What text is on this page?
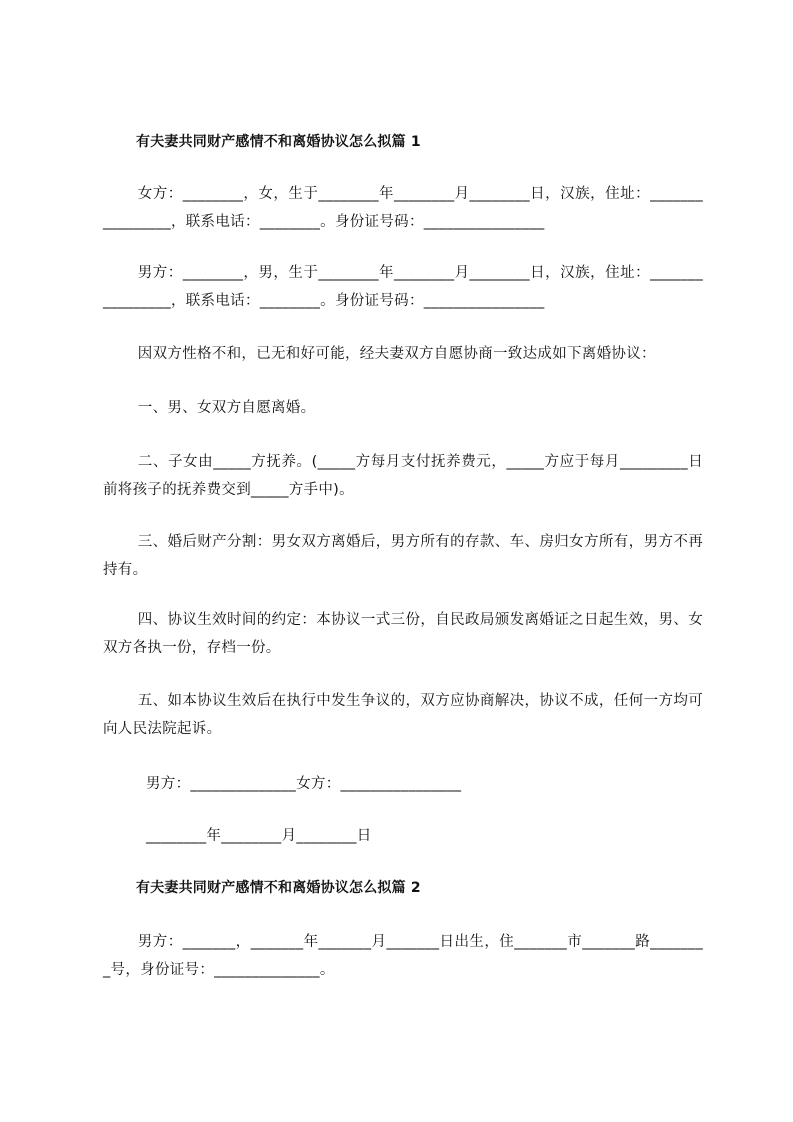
有夫妻共同财产感情不和离婚协议怎么拟篇 1
女方：________，女，生于________年________月________日，汉族，住址：________________，联系电话：________。身份证号码：________________
男方：________，男，生于________年________月________日，汉族，住址：________________，联系电话：________。身份证号码：________________
因双方性格不和，已无和好可能，经夫妻双方自愿协商一致达成如下离婚协议：
一、男、女双方自愿离婚。
二、子女由_____方抚养。(_____方每月支付抚养费元，_____方应于每月_________日前将孩子的抚养费交到_____方手中)。
三、婚后财产分割：男女双方离婚后，男方所有的存款、车、房归女方所有，男方不再持有。
四、协议生效时间的约定：本协议一式三份，自民政局颁发离婚证之日起生效，男、女双方各执一份，存档一份。
五、如本协议生效后在执行中发生争议的，双方应协商解决，协议不成，任何一方均可向人民法院起诉。
男方：______________女方：________________
________年________月________日
有夫妻共同财产感情不和离婚协议怎么拟篇 2
男方：_______，_______年_______月_______日出生，住_______市_______路________号，身份证号：______________。
